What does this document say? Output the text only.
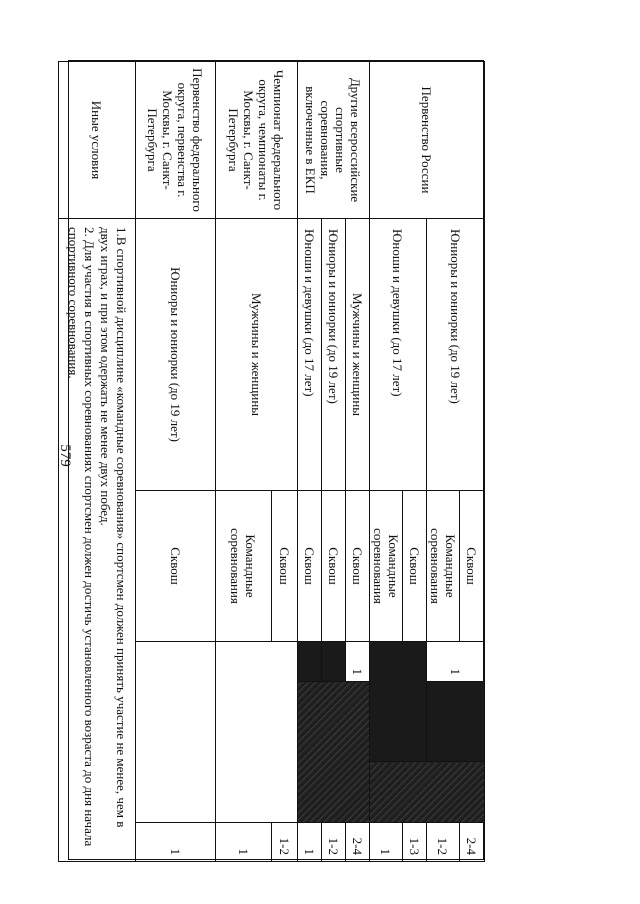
579
Первенство России	Юниоры и юниорки (до 19 лет)	Сквош	1			2-4
		Командные соревнования				1-2
	Юноши и девушки (до 17 лет)	Сквош				1-3
		Командные соревнования				1
Другие всероссийские спортивные соревнования, включенные в ЕКП	Мужчины и женщины	Сквош	1			2-4
	Юниоры и юниорки (до 19 лет)	Сквош				1-2
	Юноши и девушки (до 17 лет)	Сквош				1
Чемпионат федерального округа, чемпионаты г. Москвы, г. Санкт-Петербурга	Мужчины и женщины	Сквош				1-2
		Командные соревнования				1
Первенство федерального округа, первенства г. Москвы, г. Санкт-Петербурга	Юниоры и юниорки (до 19 лет)	Сквош				1
Иные условия	1.В спортивной дисциплине «командные соревнования» спортсмен должен принять участие не менее, чем в двух играх, и при этом одержать не менее двух побед.

2. Для участия в спортивных соревнованиях спортсмен должен достичь установленного возраста до дня начала спортивного соревнования.					
